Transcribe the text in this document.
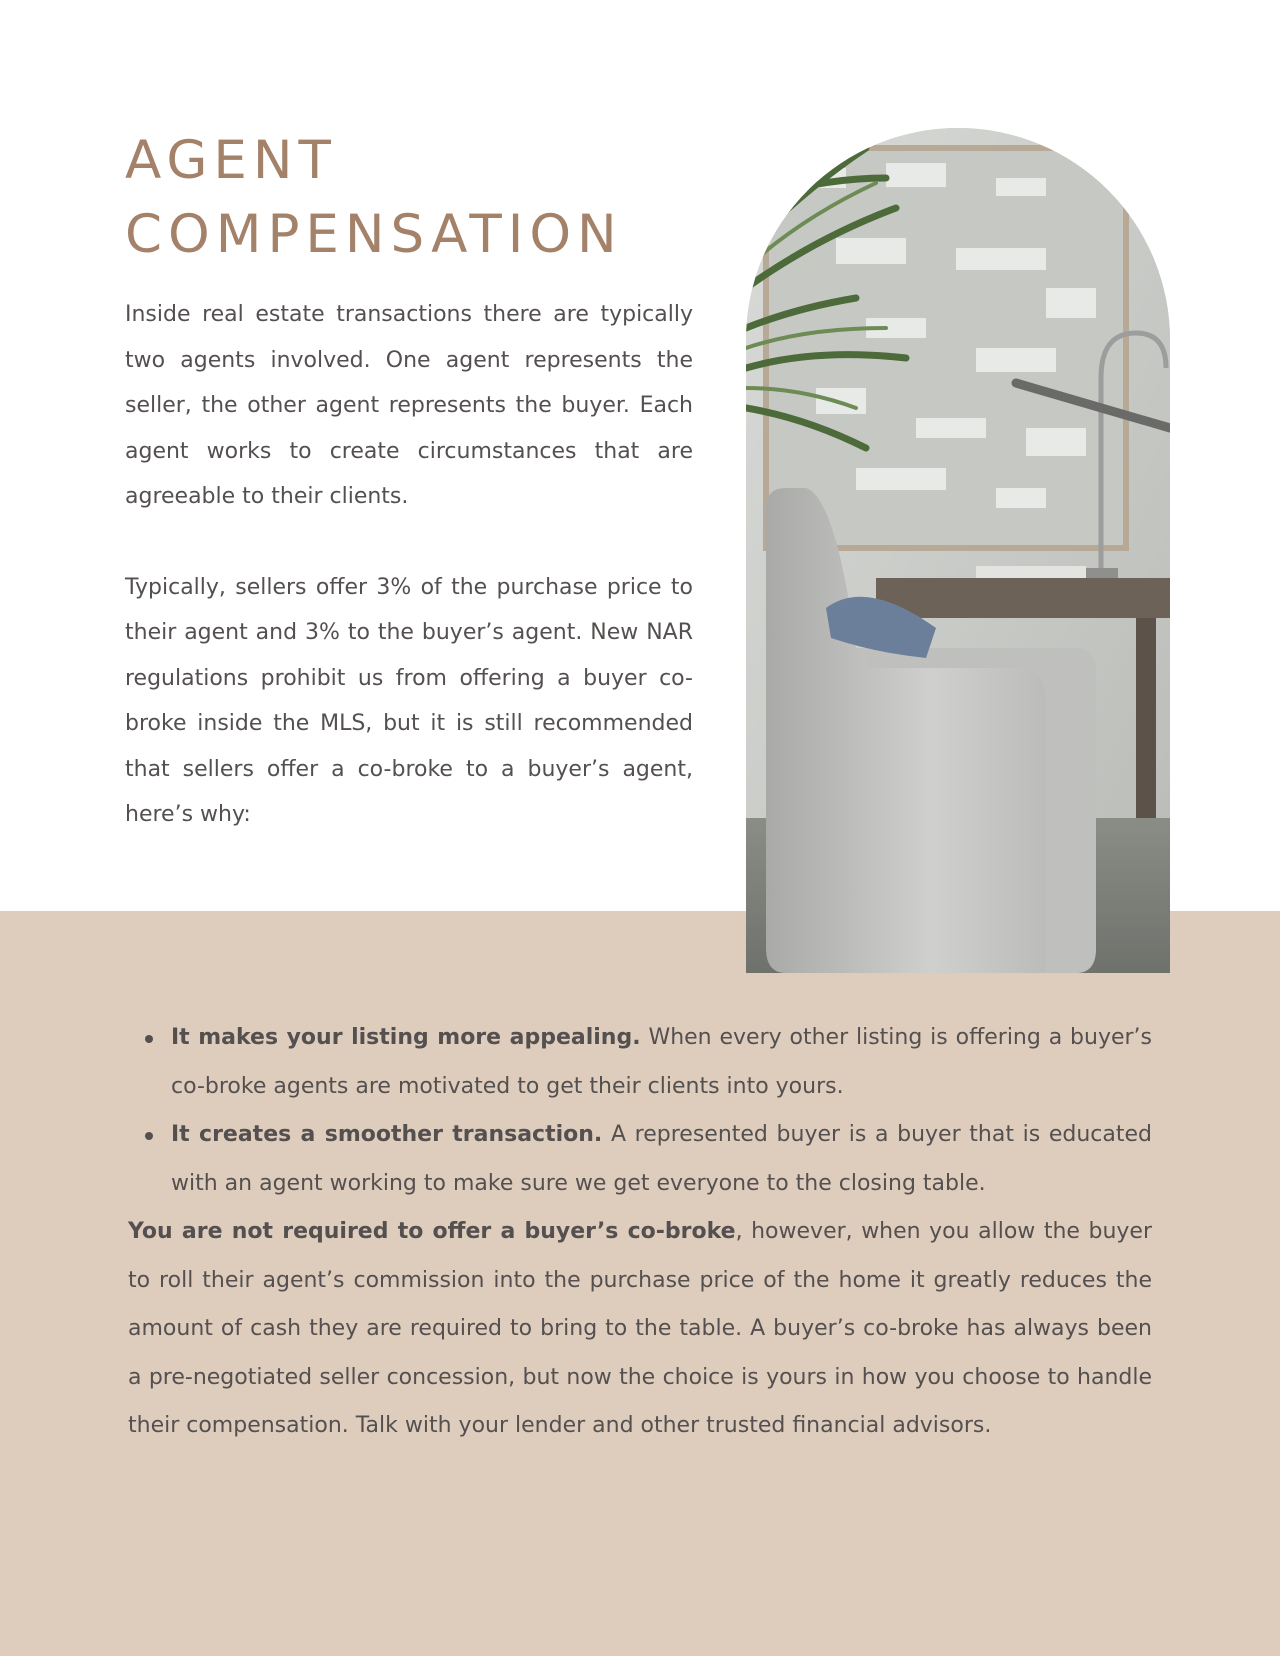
AGENT
COMPENSATION

Inside real estate transactions there are typically two agents involved. One agent represents the seller, the other agent represents the buyer. Each agent works to create circumstances that are agreeable to their clients.

Typically, sellers offer 3% of the purchase price to their agent and 3% to the buyer’s agent. New NAR regulations prohibit us from offering a buyer co-broke inside the MLS, but it is still recommended that sellers offer a co-broke to a buyer’s agent, here’s why:

It makes your listing more appealing. When every other listing is offering a buyer’s co-broke agents are motivated to get their clients into yours.
It creates a smoother transaction. A represented buyer is a buyer that is educated with an agent working to make sure we get everyone to the closing table.

You are not required to offer a buyer’s co-broke, however, when you allow the buyer to roll their agent’s commission into the purchase price of the home it greatly reduces the amount of cash they are required to bring to the table. A buyer’s co-broke has always been a pre-negotiated seller concession, but now the choice is yours in how you choose to handle their compensation. Talk with your lender and other trusted financial advisors.
